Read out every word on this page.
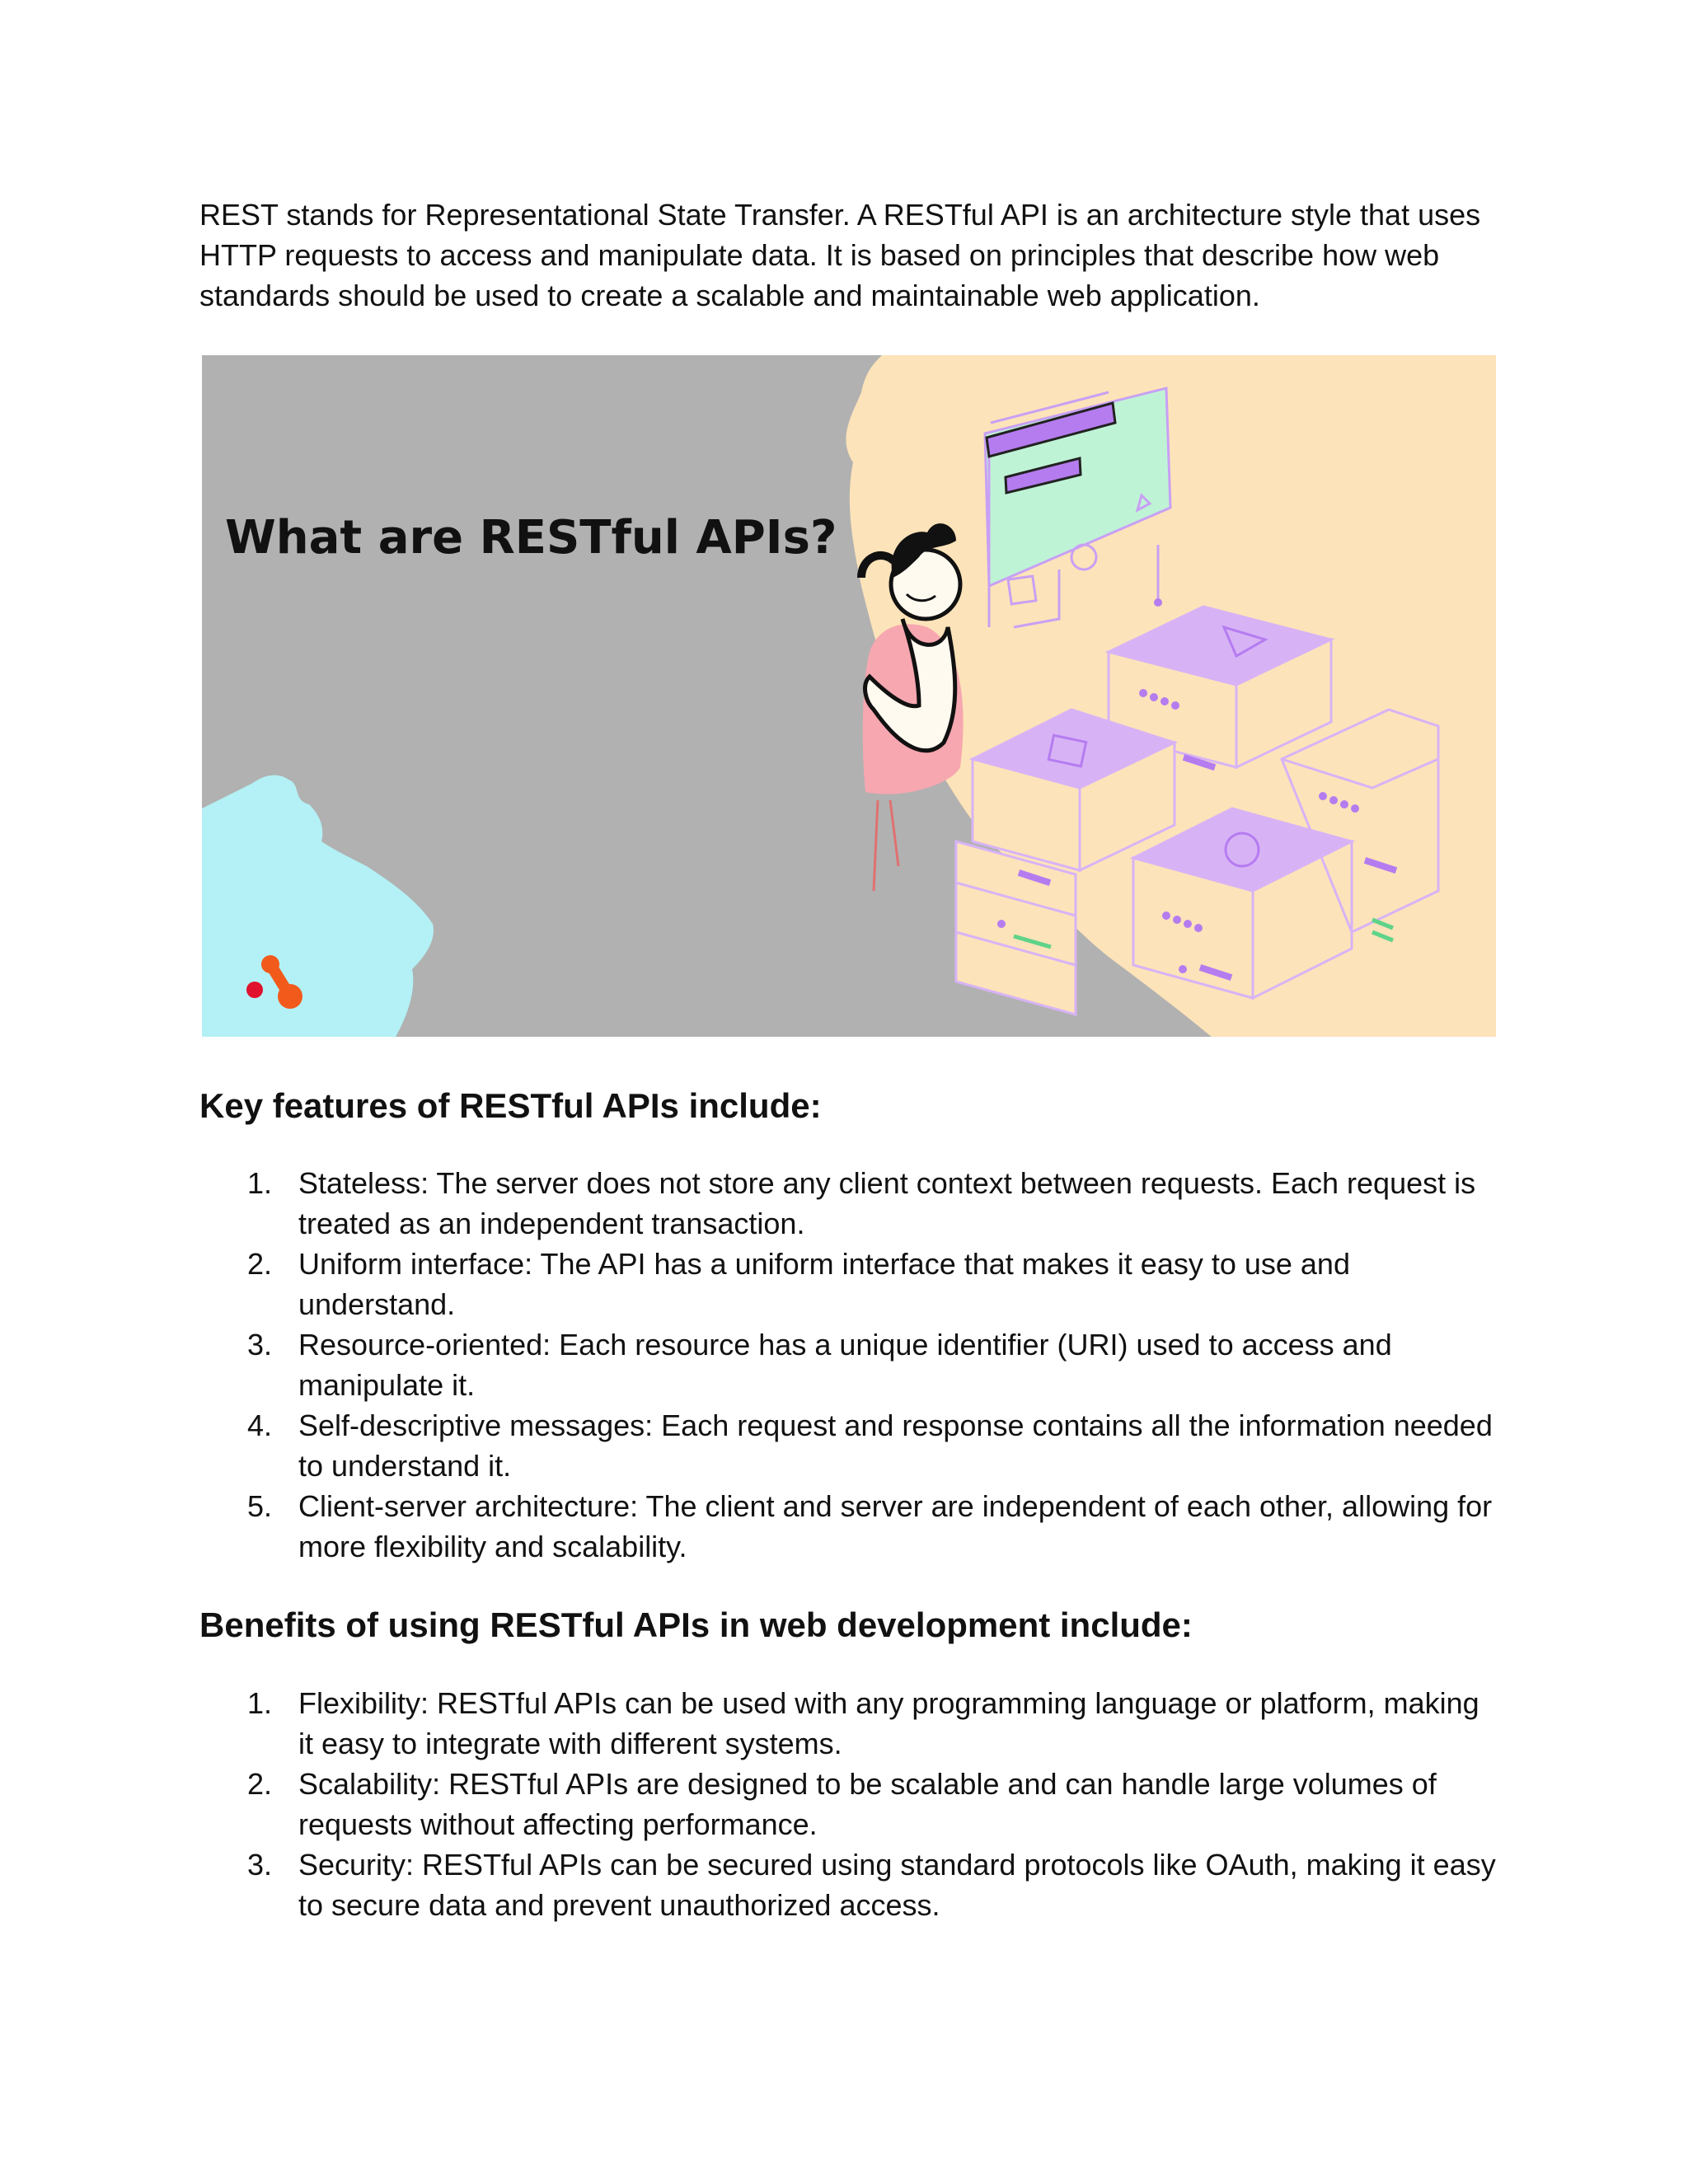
REST stands for Representational State Transfer. A RESTful API is an architecture style that uses HTTP requests to access and manipulate data. It is based on principles that describe how web standards should be used to create a scalable and maintainable web application.

What are RESTful APIs?
Key features of RESTful APIs include:
1. Stateless: The server does not store any client context between requests. Each request is treated as an independent transaction.
2. Uniform interface: The API has a uniform interface that makes it easy to use and understand.
3. Resource-oriented: Each resource has a unique identifier (URI) used to access and manipulate it.
4. Self-descriptive messages: Each request and response contains all the information needed to understand it.
5. Client-server architecture: The client and server are independent of each other, allowing for more flexibility and scalability.
Benefits of using RESTful APIs in web development include:
1. Flexibility: RESTful APIs can be used with any programming language or platform, making it easy to integrate with different systems.
2. Scalability: RESTful APIs are designed to be scalable and can handle large volumes of requests without affecting performance.
3. Security: RESTful APIs can be secured using standard protocols like OAuth, making it easy to secure data and prevent unauthorized access.
